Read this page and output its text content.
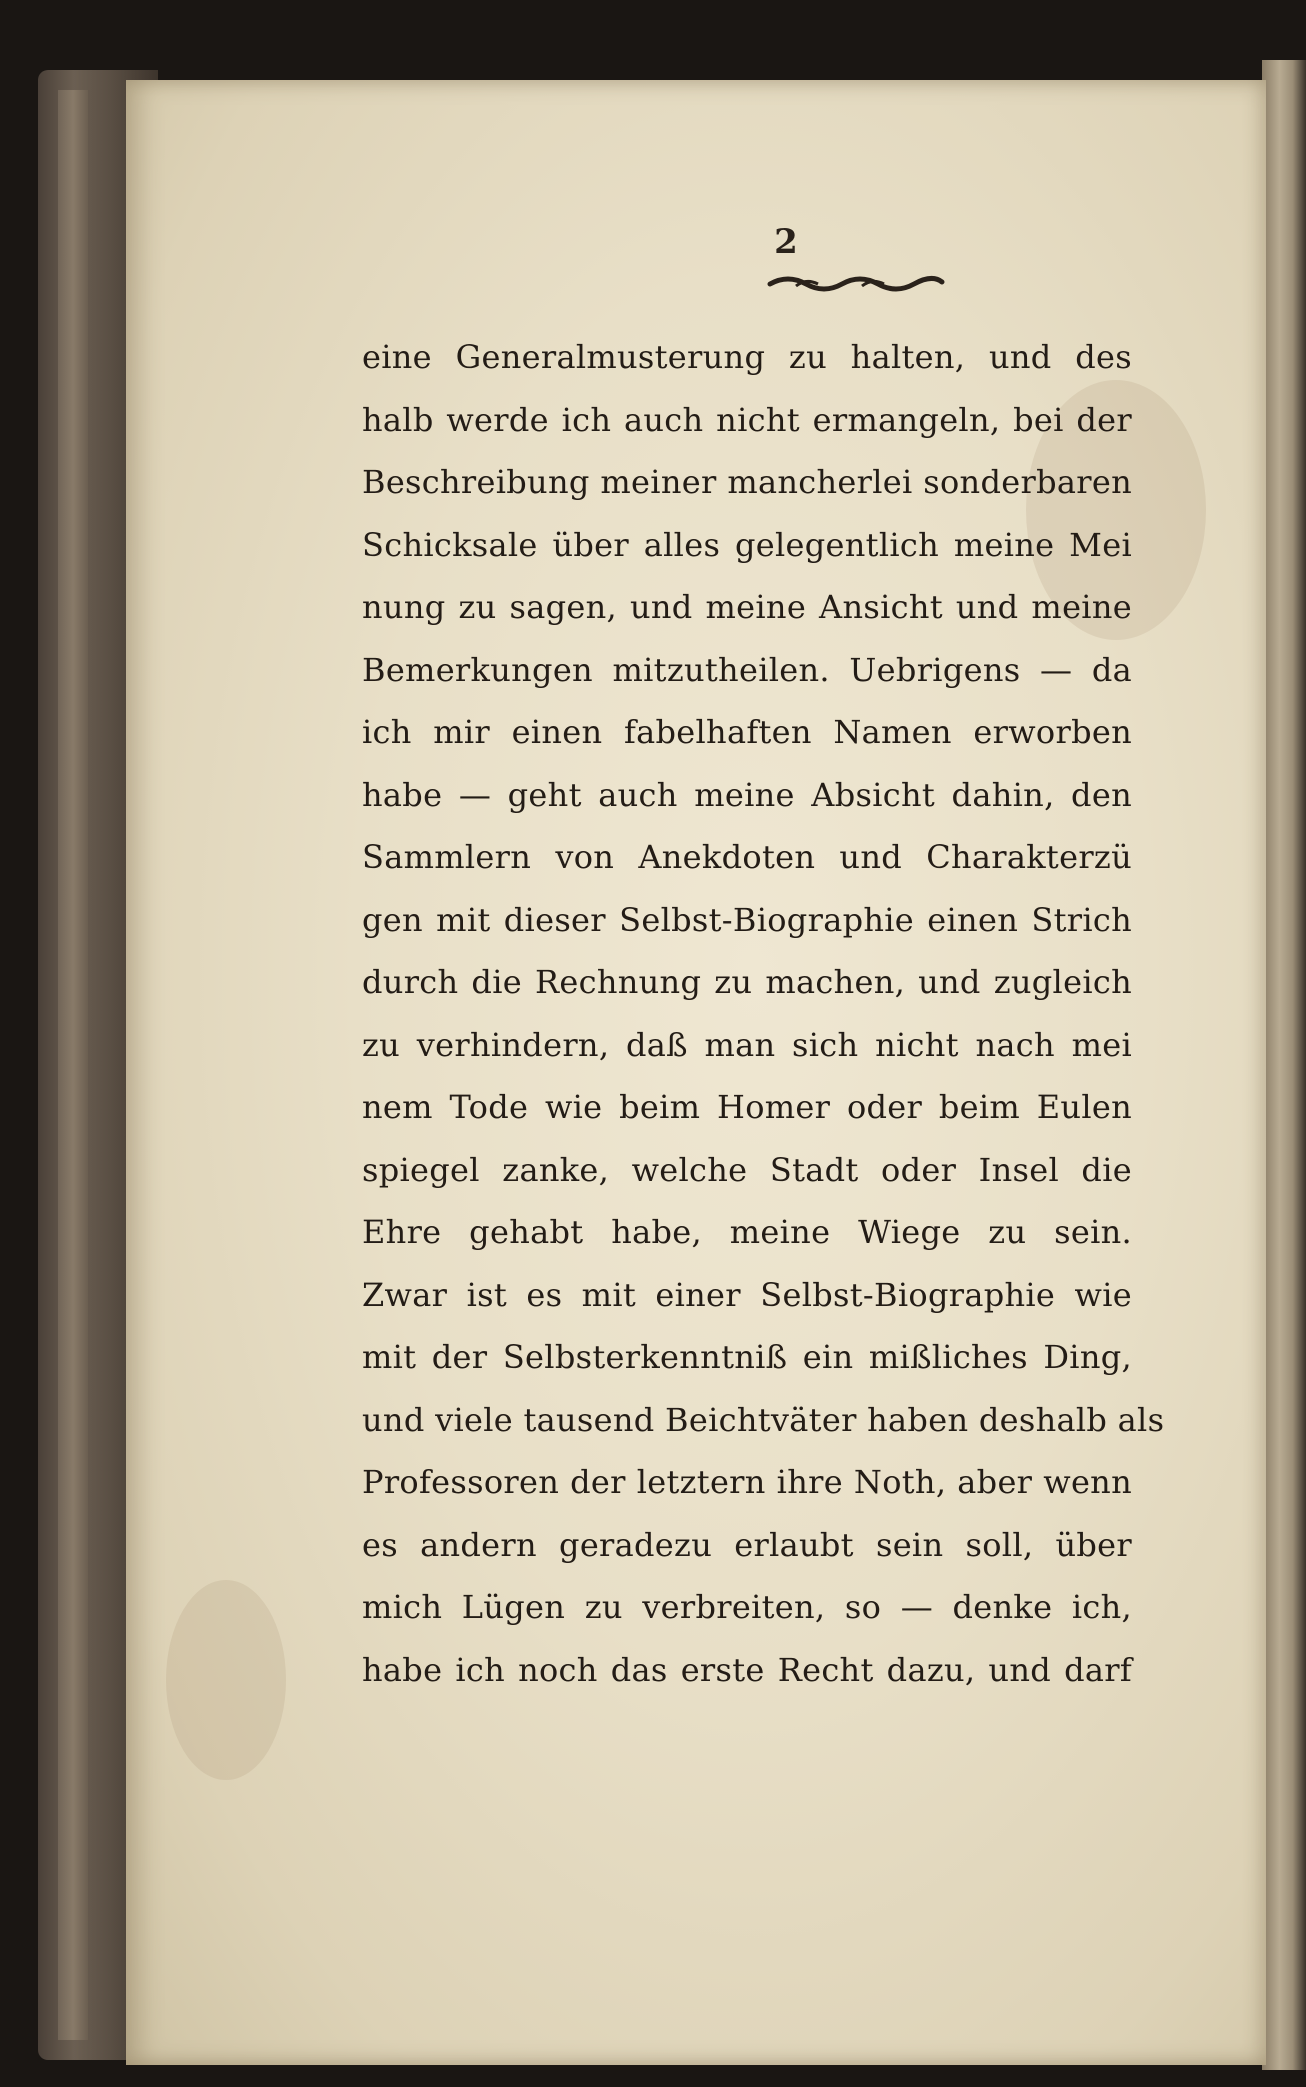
2
eine Generalmusterung zu halten, und des
halb werde ich auch nicht ermangeln, bei der
Beschreibung meiner mancherlei sonderbaren
Schicksale über alles gelegentlich meine Mei
nung zu sagen, und meine Ansicht und meine
Bemerkungen mitzutheilen. Uebrigens — da
ich mir einen fabelhaften Namen erworben
habe — geht auch meine Absicht dahin, den
Sammlern von Anekdoten und Charakterzü
gen mit dieser Selbst‑Biographie einen Strich
durch die Rechnung zu machen, und zugleich
zu verhindern, daß man sich nicht nach mei
nem Tode wie beim Homer oder beim Eulen
spiegel zanke, welche Stadt oder Insel die
Ehre gehabt habe, meine Wiege zu sein.
Zwar ist es mit einer Selbst‑Biographie wie
mit der Selbsterkenntniß ein mißliches Ding,
und viele tausend Beichtväter haben deshalb als
Professoren der letztern ihre Noth, aber wenn
es andern geradezu erlaubt sein soll, über
mich Lügen zu verbreiten, so — denke ich,
habe ich noch das erste Recht dazu, und darf
